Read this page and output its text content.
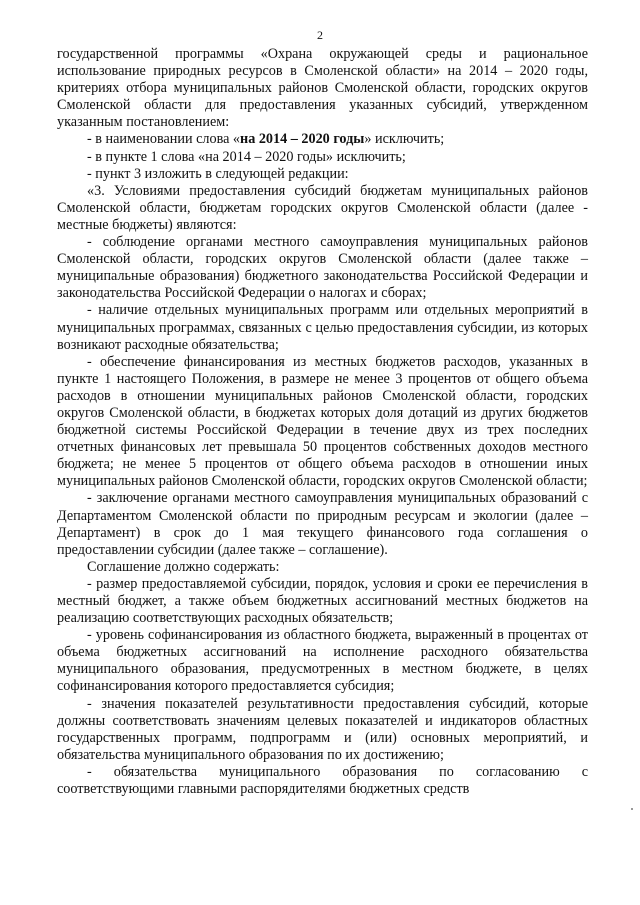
2

государственной программы «Охрана окружающей среды и рациональное использование природных ресурсов в Смоленской области» на 2014 – 2020 годы, критериях отбора муниципальных районов Смоленской области, городских округов Смоленской области для предоставления указанных субсидий, утвержденном указанным постановлением:

- в наименовании слова «на 2014 – 2020 годы» исключить;

- в пункте 1 слова «на 2014 – 2020 годы» исключить;

- пункт 3 изложить в следующей редакции:

«3. Условиями предоставления субсидий бюджетам муниципальных районов Смоленской области, бюджетам городских округов Смоленской области (далее - местные бюджеты) являются:

- соблюдение органами местного самоуправления муниципальных районов Смоленской области, городских округов Смоленской области (далее также – муниципальные образования) бюджетного законодательства Российской Федерации и законодательства Российской Федерации о налогах и сборах;

- наличие отдельных муниципальных программ или отдельных мероприятий в муниципальных программах, связанных с целью предоставления субсидии, из которых возникают расходные обязательства;

- обеспечение финансирования из местных бюджетов расходов, указанных в пункте 1 настоящего Положения, в размере не менее 3 процентов от общего объема расходов в отношении муниципальных районов Смоленской области, городских округов Смоленской области, в бюджетах которых доля дотаций из других бюджетов бюджетной системы Российской Федерации в течение двух из трех последних отчетных финансовых лет превышала 50 процентов собственных доходов местного бюджета; не менее 5 процентов от общего объема расходов в отношении иных муниципальных районов Смоленской области, городских округов Смоленской области;

- заключение органами местного самоуправления муниципальных образований с Департаментом Смоленской области по природным ресурсам и экологии (далее – Департамент) в срок до 1 мая текущего финансового года соглашения о предоставлении субсидии (далее также – соглашение).

Соглашение должно содержать:

- размер предоставляемой субсидии, порядок, условия и сроки ее перечисления в местный бюджет, а также объем бюджетных ассигнований местных бюджетов на реализацию соответствующих расходных обязательств;

- уровень софинансирования из областного бюджета, выраженный в процентах от объема бюджетных ассигнований на исполнение расходного обязательства муниципального образования, предусмотренных в местном бюджете, в целях софинансирования которого предоставляется субсидия;

- значения показателей результативности предоставления субсидий, которые должны соответствовать значениям целевых показателей и индикаторов областных государственных программ, подпрограмм и (или) основных мероприятий, и обязательства муниципального образования по их достижению;

- обязательства муниципального образования по согласованию с соответствующими главными распорядителями бюджетных средств
